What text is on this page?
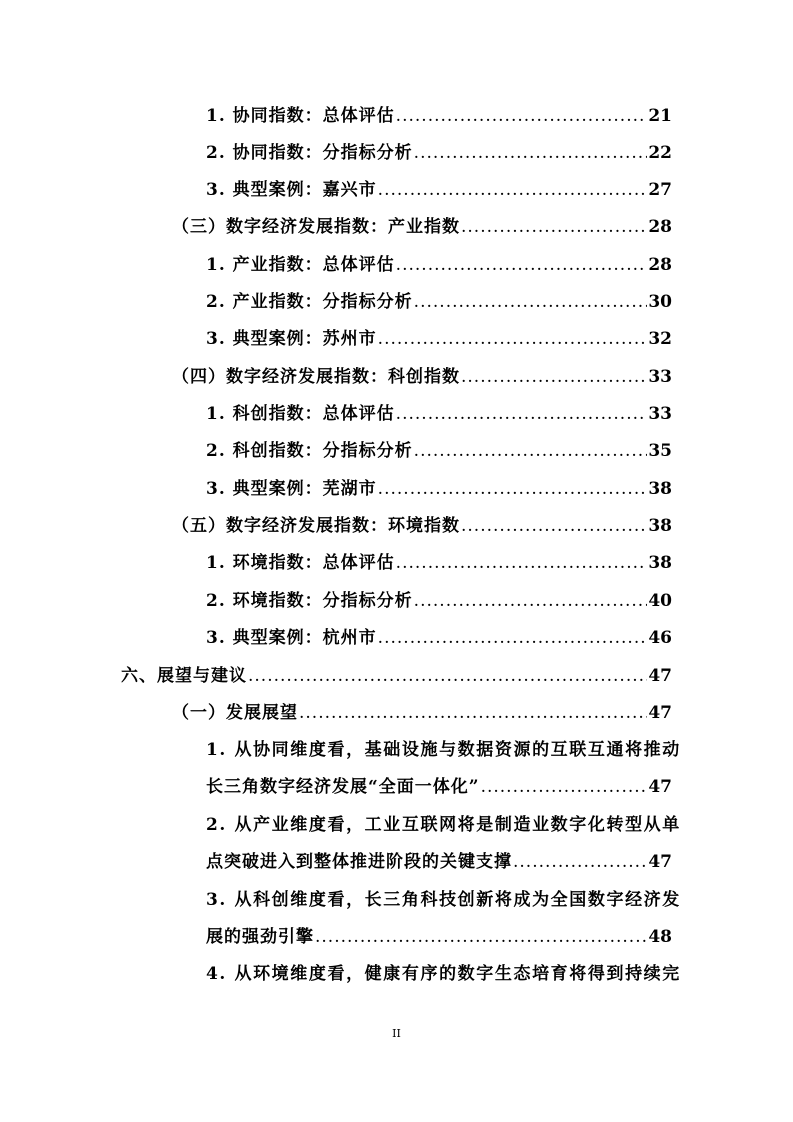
1. 协同指数：总体评估 .....	21
2. 协同指数：分指标分析 .....	22
3. 典型案例：嘉兴市 .....	27
（三）数字经济发展指数：产业指数 .....	28
1. 产业指数：总体评估 .....	28
2. 产业指数：分指标分析 .....	30
3. 典型案例：苏州市 .....	32
（四）数字经济发展指数：科创指数 .....	33
1. 科创指数：总体评估 .....	33
2. 科创指数：分指标分析 .....	35
3. 典型案例：芜湖市 .....	38
（五）数字经济发展指数：环境指数 .....	38
1. 环境指数：总体评估 .....	38
2. 环境指数：分指标分析 .....	40
3. 典型案例：杭州市 .....	46
六、展望与建议 .....	47
（一）发展展望 .....	47
1. 从协同维度看，基础设施与数据资源的互联互通将推动
长三角数字经济发展“全面一体化” .....	47
2. 从产业维度看，工业互联网将是制造业数字化转型从单
点突破进入到整体推进阶段的关键支撑 .....	47
3. 从科创维度看，长三角科技创新将成为全国数字经济发
展的强劲引擎 .....	48
4. 从环境维度看，健康有序的数字生态培育将得到持续完
II
